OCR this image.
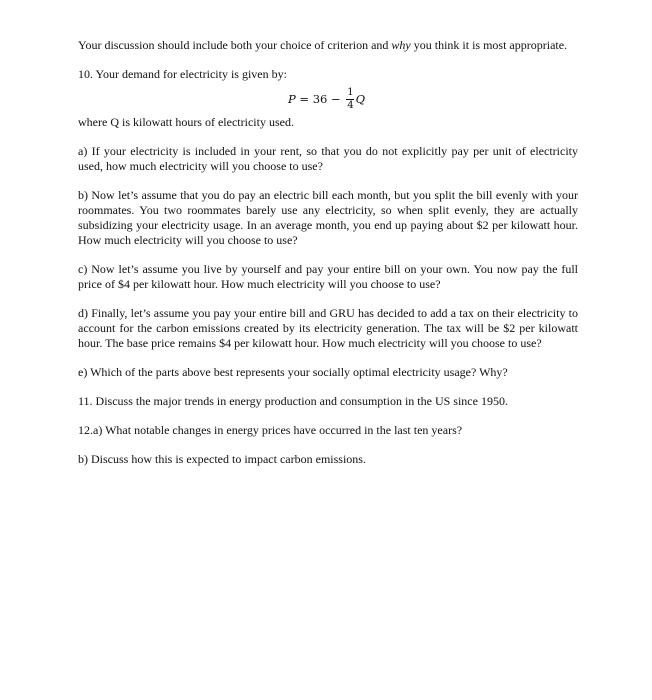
Your discussion should include both your choice of criterion and why you think it is most appropriate.

10. Your demand for electricity is given by:

$P = 36 - \frac{1}{4}$ Q

where Q is kilowatt hours of electricity used.

a) If your electricity is included in your rent, so that you do not explicitly pay per unit of electricity used, how much electricity will you choose to use?

b) Now let’s assume that you do pay an electric bill each month, but you split the bill evenly with your roommates. You two roommates barely use any electricity, so when split evenly, they are actually subsidizing your electricity usage. In an average month, you end up paying about $2 per kilowatt hour. How much electricity will you choose to use?

c) Now let’s assume you live by yourself and pay your entire bill on your own. You now pay the full price of $4 per kilowatt hour. How much electricity will you choose to use?

d) Finally, let’s assume you pay your entire bill and GRU has decided to add a tax on their electricity to account for the carbon emissions created by its electricity generation. The tax will be $2 per kilowatt hour. The base price remains $4 per kilowatt hour. How much electricity will you choose to use?

e) Which of the parts above best represents your socially optimal electricity usage? Why?

11. Discuss the major trends in energy production and consumption in the US since 1950.

12.a) What notable changes in energy prices have occurred in the last ten years?

b) Discuss how this is expected to impact carbon emissions.
